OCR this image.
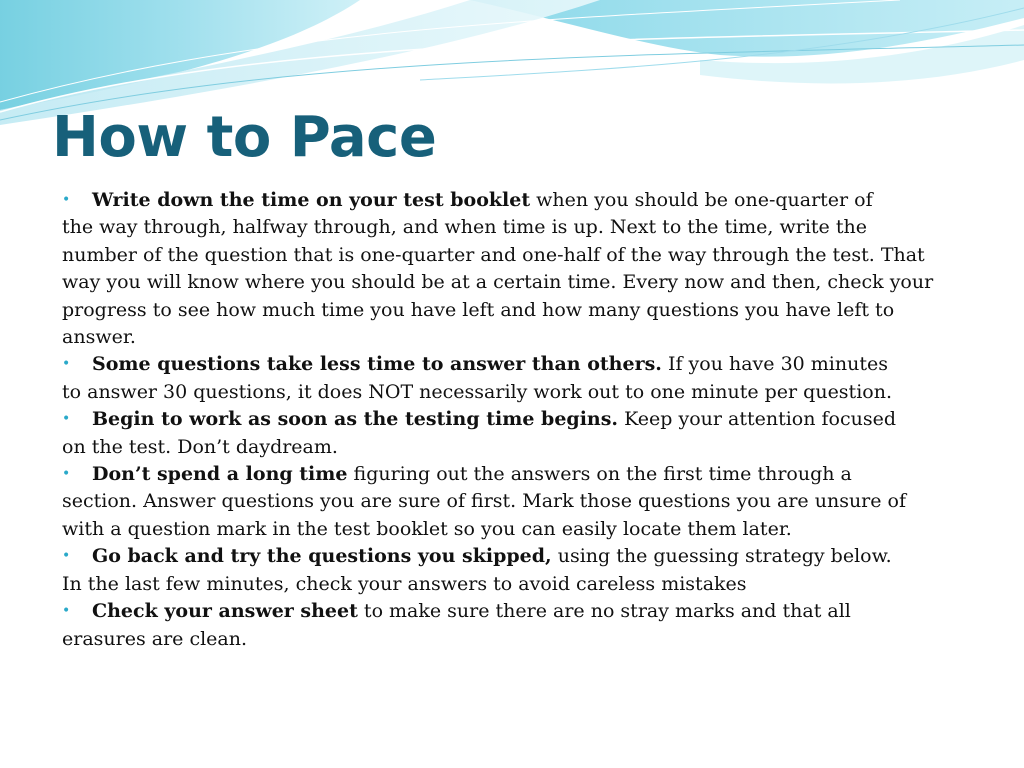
How to Pace
• Write down the time on your test booklet when you should be one-quarter of
the way through, halfway through, and when time is up. Next to the time, write the number of the question that is one-quarter and one-half of the way through the test. That way you will know where you should be at a certain time. Every now and then, check your progress to see how much time you have left and how many questions you have left to answer.
• Some questions take less time to answer than others. If you have 30 minutes
to answer 30 questions, it does NOT necessarily work out to one minute per question.
• Begin to work as soon as the testing time begins. Keep your attention focused
on the test. Don’t daydream.
• Don’t spend a long time figuring out the answers on the first time through a
section. Answer questions you are sure of first. Mark those questions you are unsure of with a question mark in the test booklet so you can easily locate them later.
• Go back and try the questions you skipped, using the guessing strategy below.
In the last few minutes, check your answers to avoid careless mistakes
• Check your answer sheet to make sure there are no stray marks and that all
erasures are clean.
